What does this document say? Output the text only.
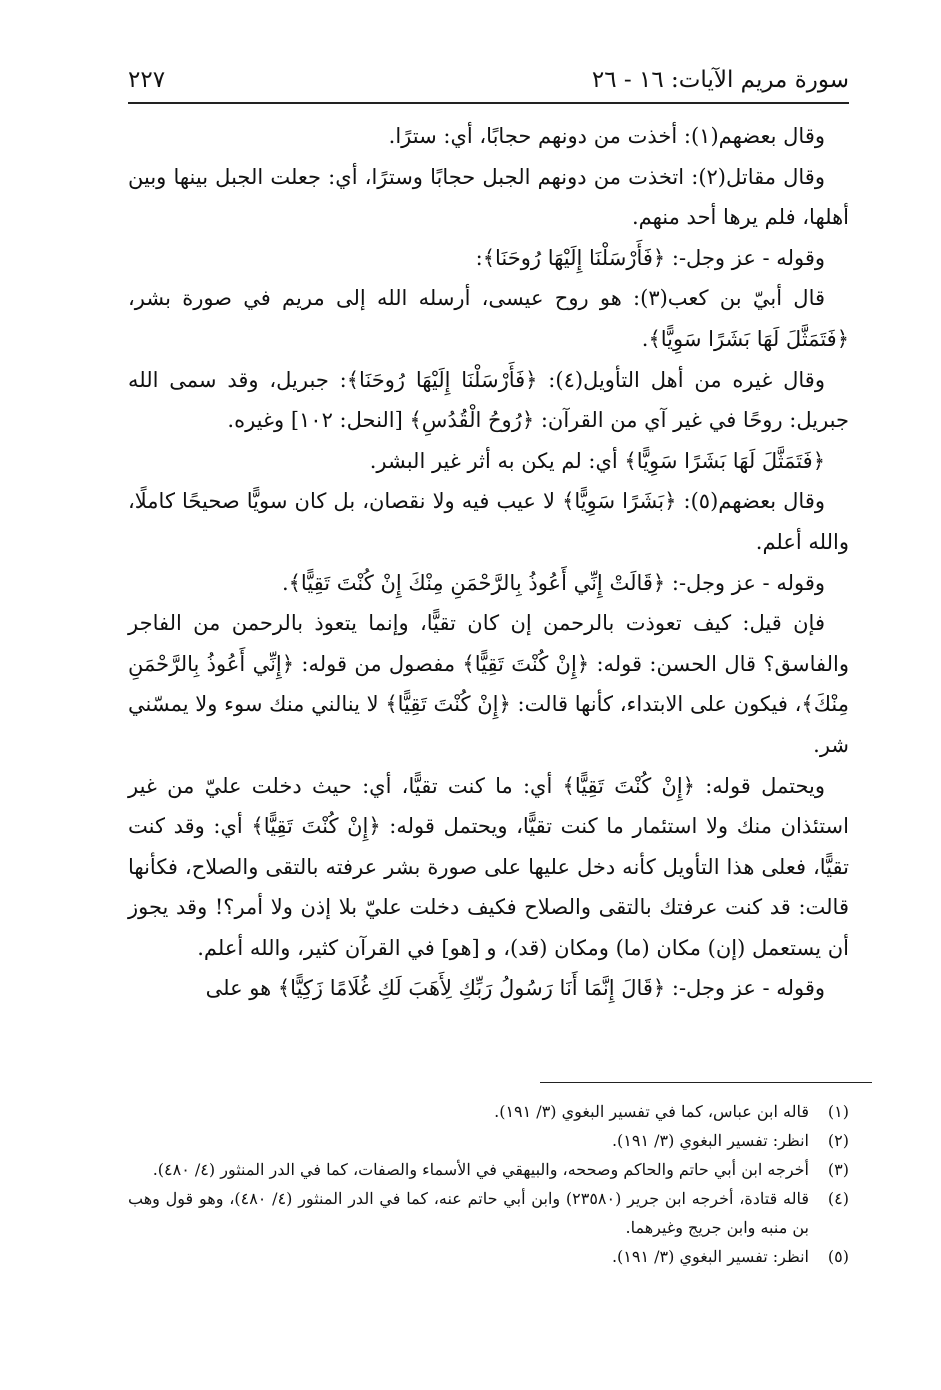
سورة مريم الآيات: ١٦ - ٢٦
٢٢٧

وقال بعضهم(١): أخذت من دونهم حجابًا، أي: سترًا.

وقال مقاتل(٢): اتخذت من دونهم الجبل حجابًا وسترًا، أي: جعلت الجبل بينها وبين أهلها، فلم يرها أحد منهم.

وقوله - عز وجل-: ﴿فَأَرْسَلْنَا إِلَيْهَا رُوحَنَا﴾:

قال أبيّ بن كعب(٣): هو روح عيسى، أرسله الله إلى مريم في صورة بشر، ﴿فَتَمَثَّلَ لَهَا بَشَرًا سَوِيًّا﴾.

وقال غيره من أهل التأويل(٤): ﴿فَأَرْسَلْنَا إِلَيْهَا رُوحَنَا﴾: جبريل، وقد سمى الله جبريل: روحًا في غير آي من القرآن: ﴿رُوحُ الْقُدُسِ﴾ [النحل: ١٠٢] وغيره.

﴿فَتَمَثَّلَ لَهَا بَشَرًا سَوِيًّا﴾ أي: لم يكن به أثر غير البشر.

وقال بعضهم(٥): ﴿بَشَرًا سَوِيًّا﴾ لا عيب فيه ولا نقصان، بل كان سويًّا صحيحًا كاملًا، والله أعلم.

وقوله - عز وجل-: ﴿قَالَتْ إِنِّي أَعُوذُ بِالرَّحْمَنِ مِنْكَ إِنْ كُنْتَ تَقِيًّا﴾.

فإن قيل: كيف تعوذت بالرحمن إن كان تقيًّا، وإنما يتعوذ بالرحمن من الفاجر والفاسق؟ قال الحسن: قوله: ﴿إِنْ كُنْتَ تَقِيًّا﴾ مفصول من قوله: ﴿إِنِّي أَعُوذُ بِالرَّحْمَنِ مِنْكَ﴾، فيكون على الابتداء، كأنها قالت: ﴿إِنْ كُنْتَ تَقِيًّا﴾ لا ينالني منك سوء ولا يمسّني شر.

ويحتمل قوله: ﴿إِنْ كُنْتَ تَقِيًّا﴾ أي: ما كنت تقيًّا، أي: حيث دخلت عليّ من غير استئذان منك ولا استئمار ما كنت تقيًّا، ويحتمل قوله: ﴿إِنْ كُنْتَ تَقِيًّا﴾ أي: وقد كنت تقيًّا، فعلى هذا التأويل كأنه دخل عليها على صورة بشر عرفته بالتقى والصلاح، فكأنها قالت: قد كنت عرفتك بالتقى والصلاح فكيف دخلت عليّ بلا إذن ولا أمر؟! وقد يجوز أن يستعمل (إن) مكان (ما) ومكان (قد)، و [هو] في القرآن كثير، والله أعلم.

وقوله - عز وجل-: ﴿قَالَ إِنَّمَا أَنَا رَسُولُ رَبِّكِ لِأَهَبَ لَكِ غُلَامًا زَكِيًّا﴾ هو على

(١)
قاله ابن عباس، كما في تفسير البغوي (٣/ ١٩١).
(٢)
انظر: تفسير البغوي (٣/ ١٩١).
(٣)
أخرجه ابن أبي حاتم والحاكم وصححه، والبيهقي في الأسماء والصفات، كما في الدر المنثور (٤/ ٤٨٠).
(٤)
قاله قتادة، أخرجه ابن جرير (٢٣٥٨٠) وابن أبي حاتم عنه، كما في الدر المنثور (٤/ ٤٨٠)، وهو قول وهب بن منبه وابن جريج وغيرهما.
(٥)
انظر: تفسير البغوي (٣/ ١٩١).
